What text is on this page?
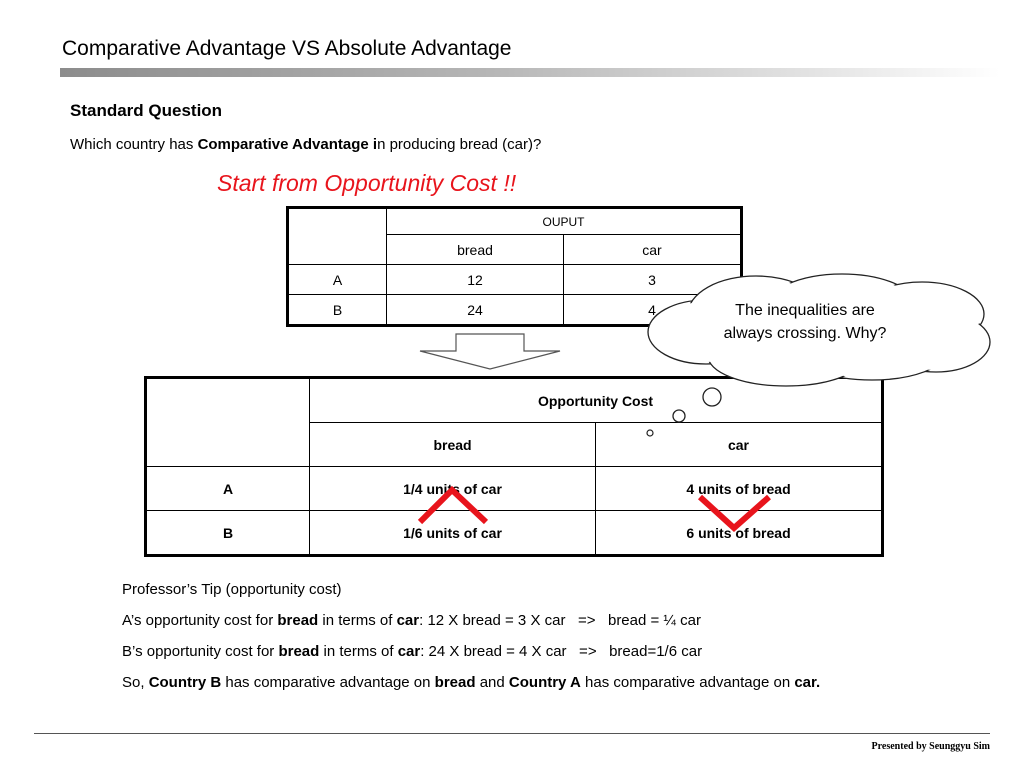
Comparative Advantage VS Absolute Advantage
Standard Question
Which country has Comparative Advantage in producing bread (car)?
Start from Opportunity Cost !!
	OUPUT	
	bread	car
A	12	3
B	24	4
	Opportunity Cost	
	bread	car
A	1/4 units of car	4 units of bread
B	1/6 units of car	6 units of bread
The inequalities are
always crossing. Why?

Professor’s Tip (opportunity cost)

A’s opportunity cost for bread in terms of car: 12 X bread = 3 X car   =>   bread = ¼ car

B’s opportunity cost for bread in terms of car: 24 X bread = 4 X car   =>   bread=1/6 car

So, Country B has comparative advantage on bread and Country A has comparative advantage on car.

Presented by Seunggyu Sim
